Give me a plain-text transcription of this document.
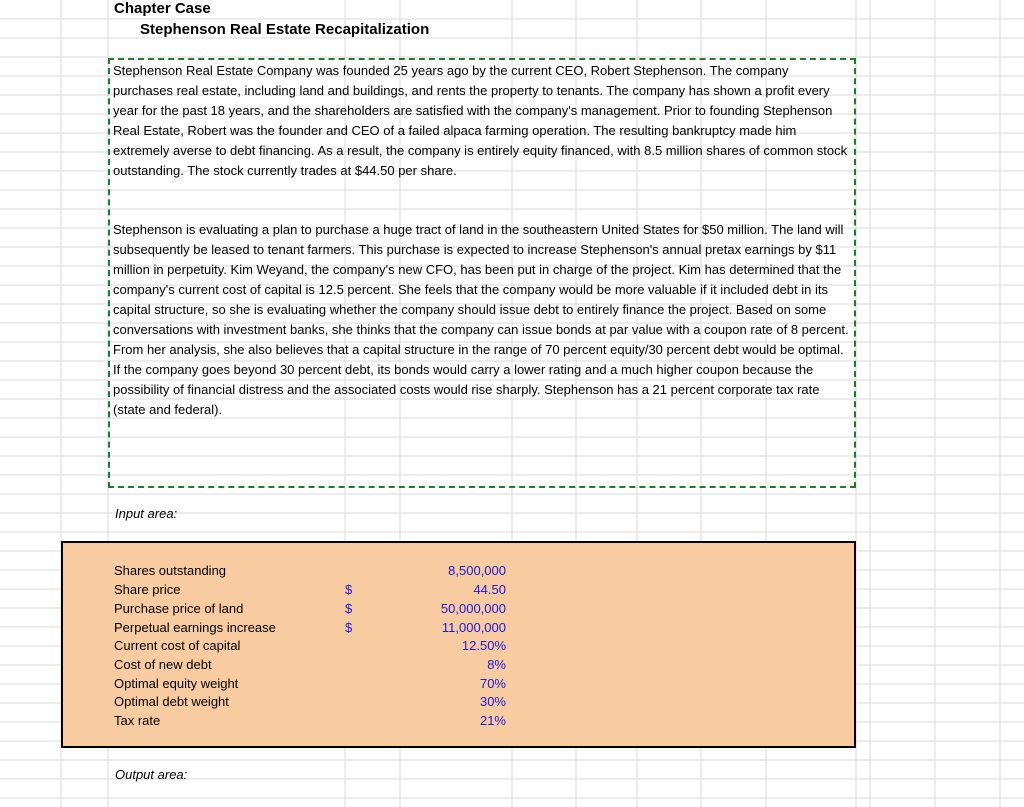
Chapter Case
Stephenson Real Estate Recapitalization
Stephenson Real Estate Company was founded 25 years ago by the current CEO, Robert Stephenson. The company purchases real estate, including land and buildings, and rents the property to tenants. The company has shown a profit every year for the past 18 years, and the shareholders are satisfied with the company's management. Prior to founding Stephenson Real Estate, Robert was the founder and CEO of a failed alpaca farming operation. The resulting bankruptcy made him extremely averse to debt financing. As a result, the company is entirely equity financed, with 8.5 million shares of common stock outstanding. The stock currently trades at $44.50 per share.
Stephenson is evaluating a plan to purchase a huge tract of land in the southeastern United States for $50 million. The land will subsequently be leased to tenant farmers. This purchase is expected to increase Stephenson's annual pretax earnings by $11 million in perpetuity. Kim Weyand, the company's new CFO, has been put in charge of the project. Kim has determined that the company's current cost of capital is 12.5 percent. She feels that the company would be more valuable if it included debt in its capital structure, so she is evaluating whether the company should issue debt to entirely finance the project. Based on some conversations with investment banks, she thinks that the company can issue bonds at par value with a coupon rate of 8 percent. From her analysis, she also believes that a capital structure in the range of 70 percent equity/30 percent debt would be optimal. If the company goes beyond 30 percent debt, its bonds would carry a lower rating and a much higher coupon because the possibility of financial distress and the associated costs would rise sharply. Stephenson has a 21 percent corporate tax rate (state and federal).
Input area:
Shares outstanding	8,500,000
Share price	$	44.50
Purchase price of land	$	50,000,000
Perpetual earnings increase	$	11,000,000
Current cost of capital	12.50%
Cost of new debt	8%
Optimal equity weight	70%
Optimal debt weight	30%
Tax rate	21%
Output area:
